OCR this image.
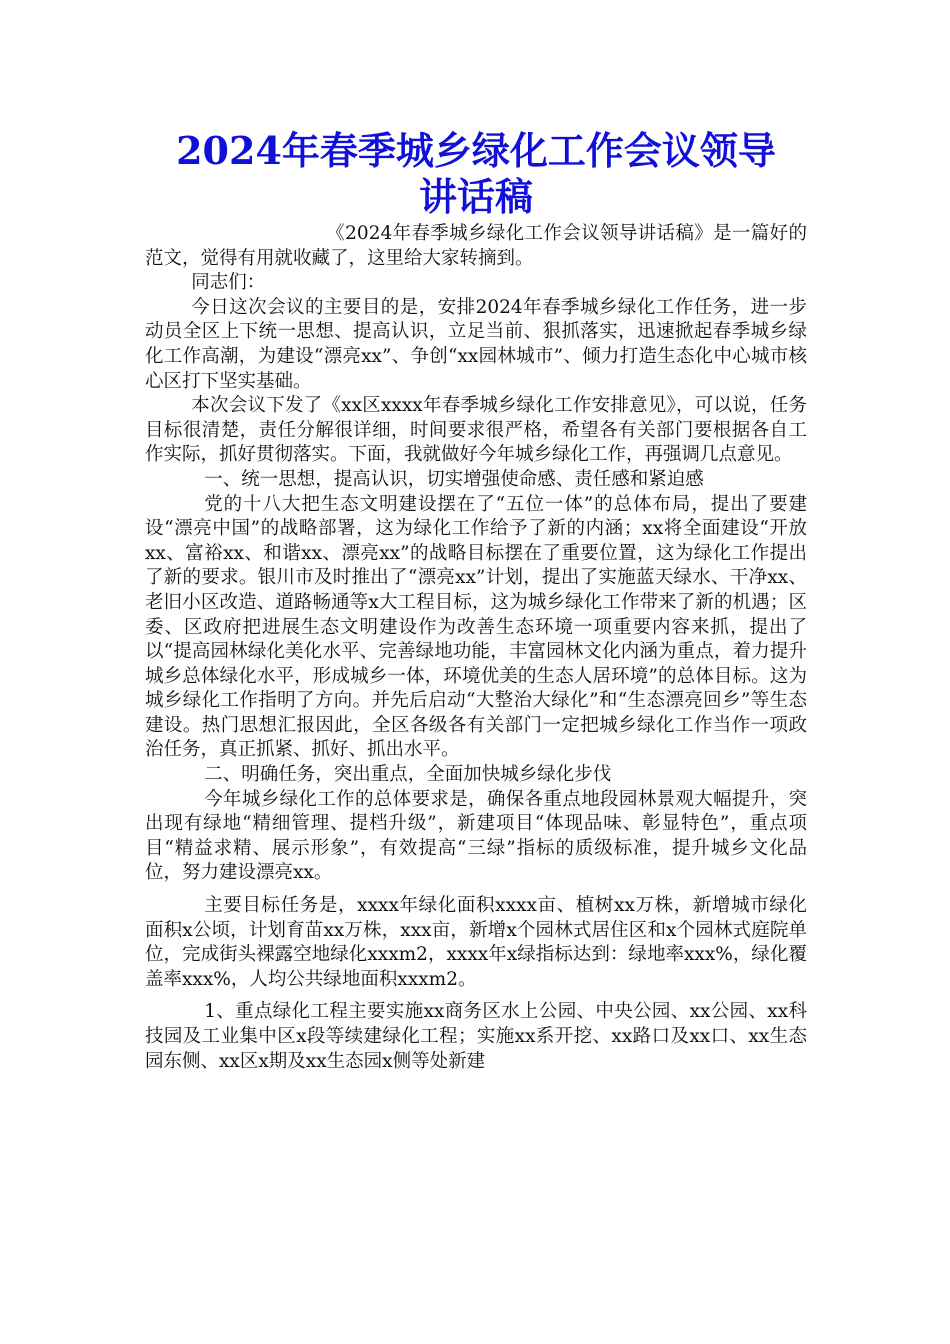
2024年春季城乡绿化工作会议领导
讲话稿

《2024年春季城乡绿化工作会议领导讲话稿》是一篇好的范文，觉得有用就收藏了，这里给大家转摘到。

同志们：

今日这次会议的主要目的是，安排2024年春季城乡绿化工作任务，进一步动员全区上下统一思想、提高认识，立足当前、狠抓落实，迅速掀起春季城乡绿化工作高潮，为建设“漂亮xx”、争创“xx园林城市”、倾力打造生态化中心城市核心区打下坚实基础。

本次会议下发了《xx区xxxx年春季城乡绿化工作安排意见》，可以说，任务目标很清楚，责任分解很详细，时间要求很严格，希望各有关部门要根据各自工作实际，抓好贯彻落实。下面，我就做好今年城乡绿化工作，再强调几点意见。

一、统一思想，提高认识，切实增强使命感、责任感和紧迫感

党的十八大把生态文明建设摆在了“五位一体”的总体布局，提出了要建设“漂亮中国”的战略部署，这为绿化工作给予了新的内涵；xx将全面建设“开放xx、富裕xx、和谐xx、漂亮xx”的战略目标摆在了重要位置，这为绿化工作提出了新的要求。银川市及时推出了“漂亮xx”计划，提出了实施蓝天绿水、干净xx、老旧小区改造、道路畅通等x大工程目标，这为城乡绿化工作带来了新的机遇；区委、区政府把进展生态文明建设作为改善生态环境一项重要内容来抓，提出了以“提高园林绿化美化水平、完善绿地功能，丰富园林文化内涵为重点，着力提升城乡总体绿化水平，形成城乡一体，环境优美的生态人居环境”的总体目标。这为城乡绿化工作指明了方向。并先后启动“大整治大绿化”和“生态漂亮回乡”等生态建设。热门思想汇报因此，全区各级各有关部门一定把城乡绿化工作当作一项政治任务，真正抓紧、抓好、抓出水平。

二、明确任务，突出重点，全面加快城乡绿化步伐

今年城乡绿化工作的总体要求是，确保各重点地段园林景观大幅提升，突出现有绿地“精细管理、提档升级”，新建项目“体现品味、彰显特色”，重点项目“精益求精、展示形象”，有效提高“三绿”指标的质级标准，提升城乡文化品位，努力建设漂亮xx。

主要目标任务是，xxxx年绿化面积xxxx亩、植树xx万株，新增城市绿化面积x公顷，计划育苗xx万株，xxx亩，新增x个园林式居住区和x个园林式庭院单位，完成街头裸露空地绿化xxxm2，xxxx年x绿指标达到：绿地率xxx%，绿化覆盖率xxx%，人均公共绿地面积xxxm2。

1、重点绿化工程主要实施xx商务区水上公园、中央公园、xx公园、xx科技园及工业集中区x段等续建绿化工程；实施xx系开挖、xx路口及xx口、xx生态园东侧、xx区x期及xx生态园x侧等处新建
